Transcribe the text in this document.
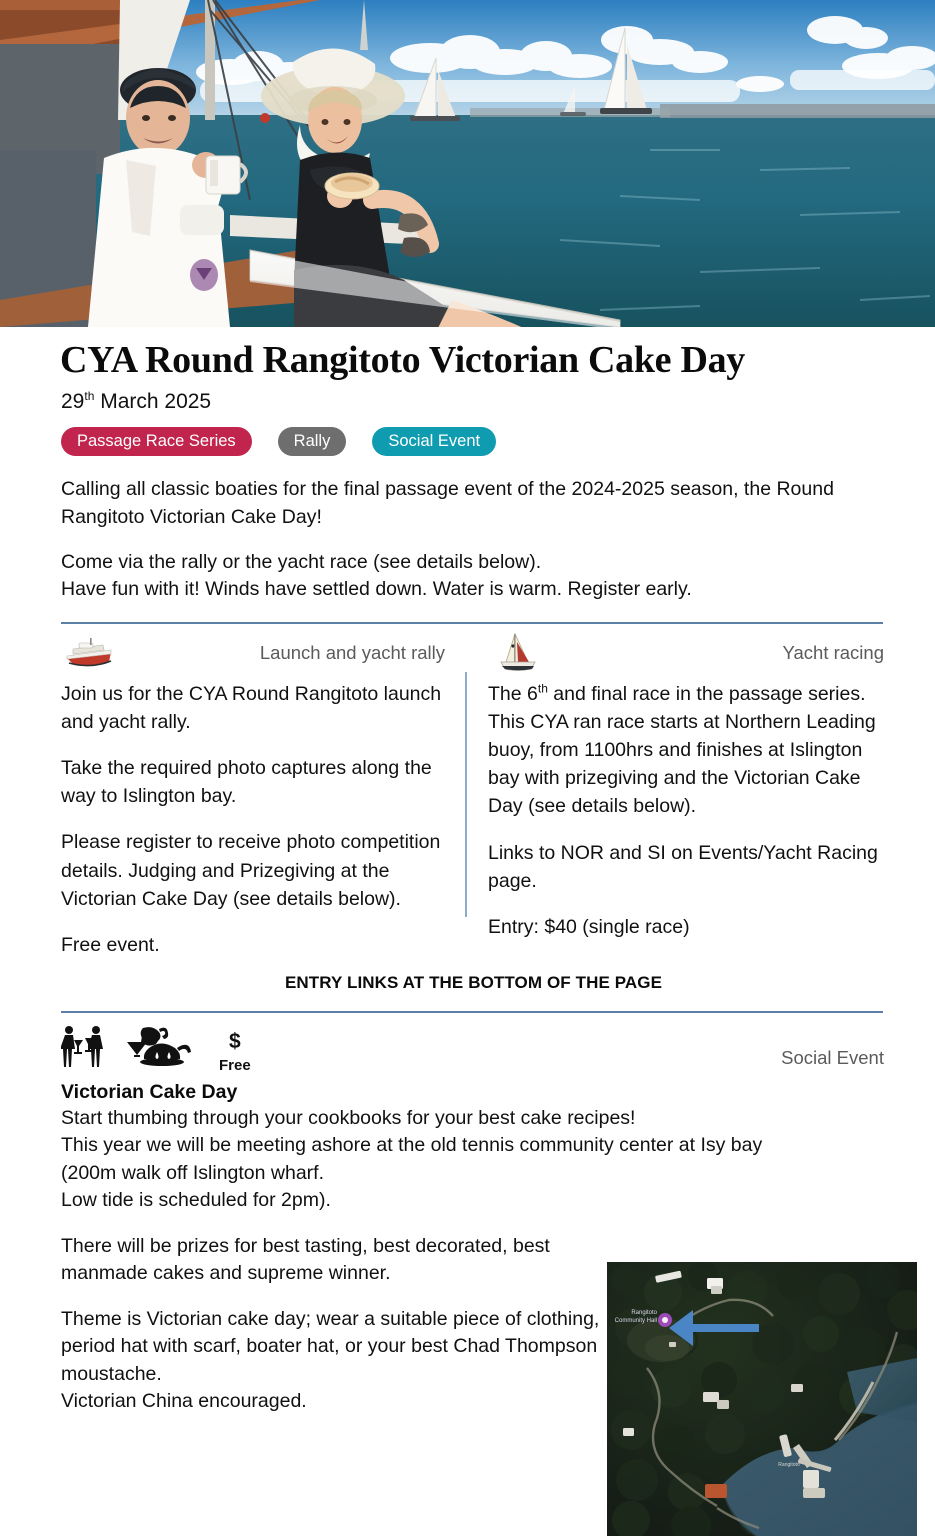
CYA Round Rangitoto Victorian Cake Day
29th March 2025
Passage Race Series	Rally	Social Event

Calling all classic boaties for the final passage event of the 2024-2025 season, the Round Rangitoto Victorian Cake Day!

Come via the rally or the yacht race (see details below).
Have fun with it! Winds have settled down. Water is warm. Register early.

Launch and yacht rally

Join us for the CYA Round Rangitoto launch and yacht rally.

Take the required photo captures along the way to Islington bay.

Please register to receive photo competition details. Judging and Prizegiving at the Victorian Cake Day (see details below).

Free event.

Yacht racing

The 6th and final race in the passage series.
This CYA ran race starts at Northern Leading buoy, from 1100hrs and finishes at Islington bay with prizegiving and the Victorian Cake Day (see details below).

Links to NOR and SI on Events/Yacht Racing page.

Entry: $40 (single race)

ENTRY LINKS AT THE BOTTOM OF THE PAGE
$
Free	Social Event
Victorian Cake Day

Start thumbing through your cookbooks for your best cake recipes!
This year we will be meeting ashore at the old tennis community center at Isy bay
(200m walk off Islington wharf.
Low tide is scheduled for 2pm).

There will be prizes for best tasting, best decorated, best manmade cakes and supreme winner.

Theme is Victorian cake day; wear a suitable piece of clothing, period hat with scarf, boater hat, or your best Chad Thompson moustache.
Victorian China encouraged.

Rangitoto
Community Hall
Rangitoto
